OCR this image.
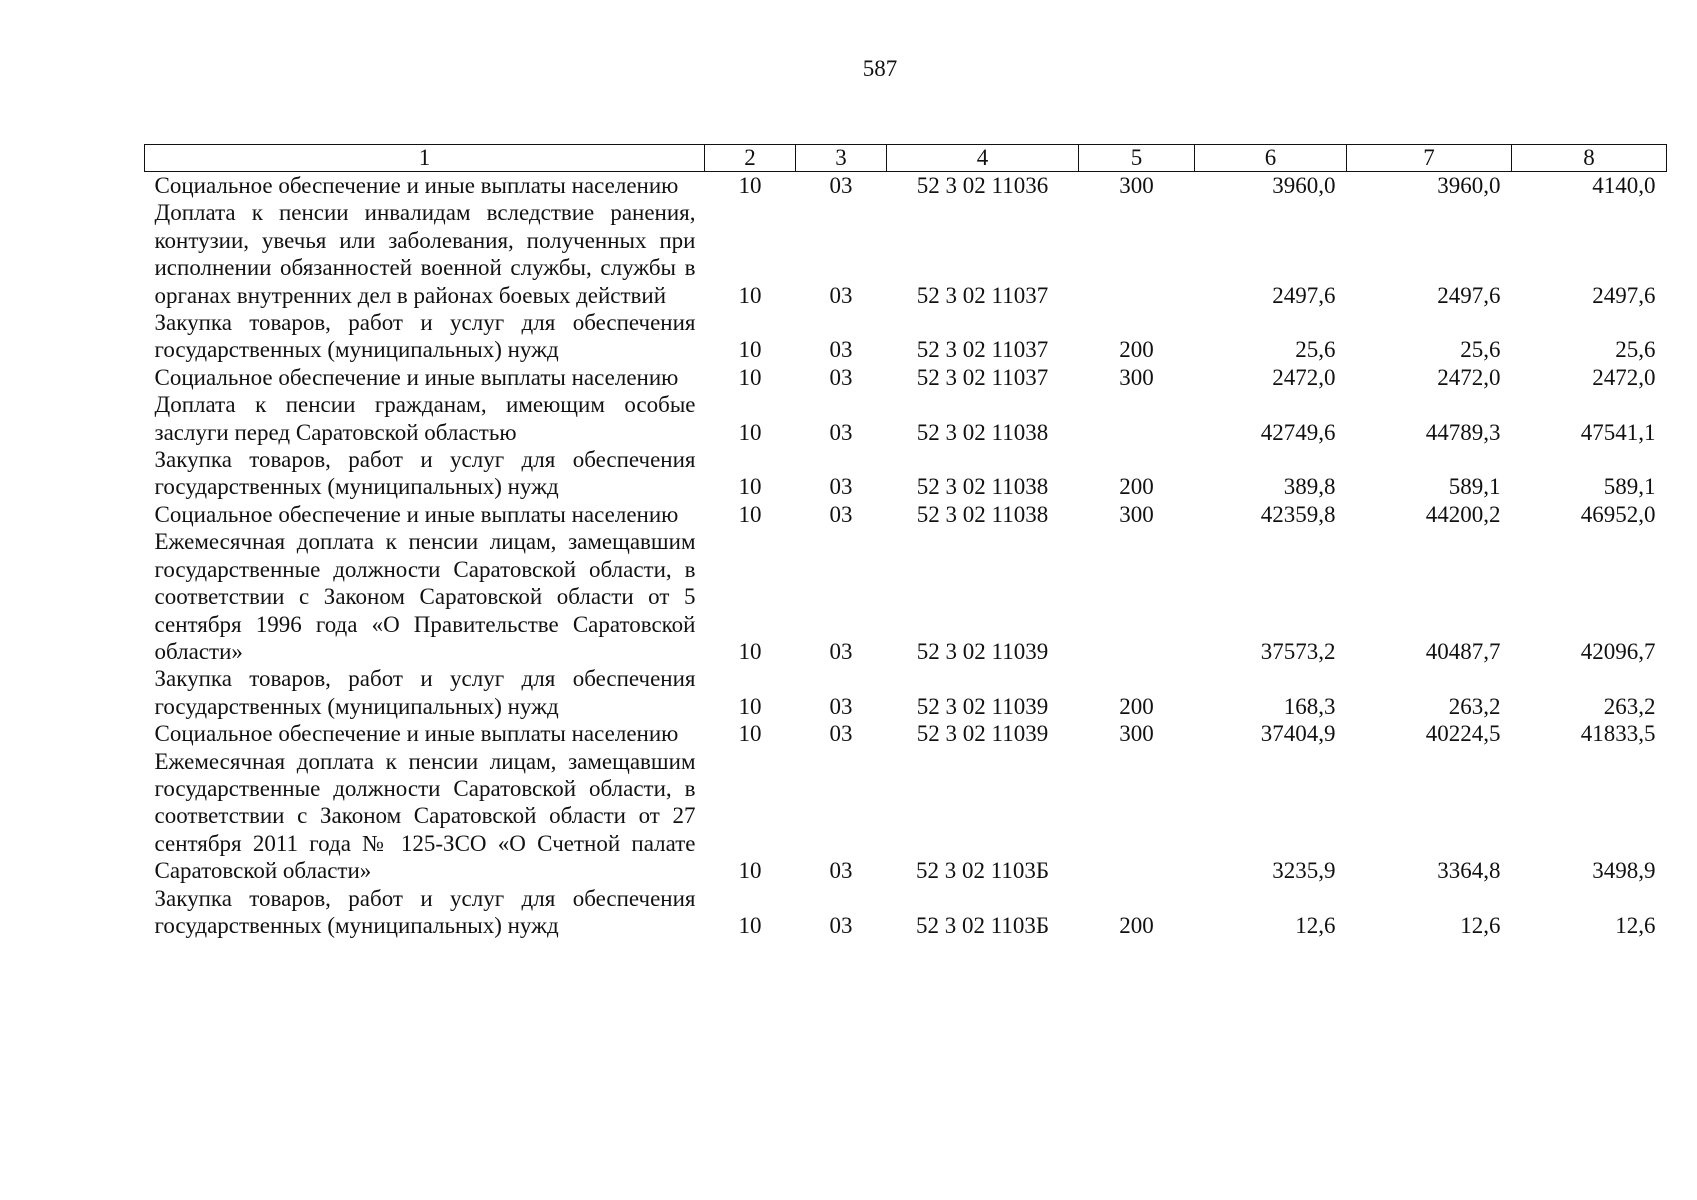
587
1	2	3	4	5	6	7	8
Социальное обеспечение и иные выплаты населению	10	03	52 3 02 11036	300	3960,0	3960,0	4140,0
Доплата к пенсии инвалидам вследствие ранения, контузии, увечья или заболевания, полученных при исполнении обязанностей военной службы, службы в органах внутренних дел в районах боевых действий	10	03	52 3 02 11037		2497,6	2497,6	2497,6
Закупка товаров, работ и услуг для обеспечения государственных (муниципальных) нужд	10	03	52 3 02 11037	200	25,6	25,6	25,6
Социальное обеспечение и иные выплаты населению	10	03	52 3 02 11037	300	2472,0	2472,0	2472,0
Доплата к пенсии гражданам, имеющим особые заслуги перед Саратовской областью	10	03	52 3 02 11038		42749,6	44789,3	47541,1
Закупка товаров, работ и услуг для обеспечения государственных (муниципальных) нужд	10	03	52 3 02 11038	200	389,8	589,1	589,1
Социальное обеспечение и иные выплаты населению	10	03	52 3 02 11038	300	42359,8	44200,2	46952,0
Ежемесячная доплата к пенсии лицам, замещавшим государственные должности Саратовской области, в соответствии с Законом Саратовской области от 5 сентября 1996 года «О Правительстве Саратовской области»	10	03	52 3 02 11039		37573,2	40487,7	42096,7
Закупка товаров, работ и услуг для обеспечения государственных (муниципальных) нужд	10	03	52 3 02 11039	200	168,3	263,2	263,2
Социальное обеспечение и иные выплаты населению	10	03	52 3 02 11039	300	37404,9	40224,5	41833,5
Ежемесячная доплата к пенсии лицам, замещавшим государственные должности Саратовской области, в соответствии с Законом Саратовской области от 27 сентября 2011 года № 125-ЗСО «О Счетной палате Саратовской области»	10	03	52 3 02 1103Б		3235,9	3364,8	3498,9
Закупка товаров, работ и услуг для обеспечения государственных (муниципальных) нужд	10	03	52 3 02 1103Б	200	12,6	12,6	12,6
